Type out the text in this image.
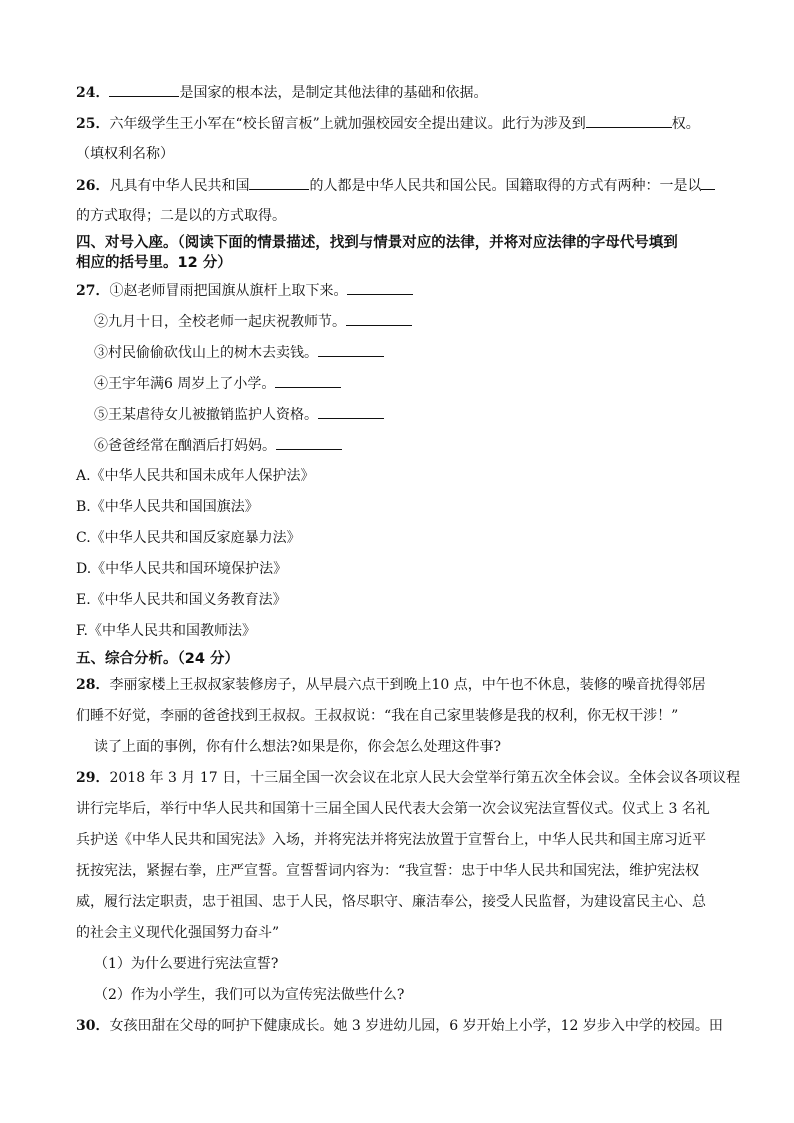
24．	是国家的根本法，是制定其他法律的基础和依据。
25．六年级学生王小军在“校长留言板”上就加强校园安全提出建议。此行为涉及到	权。
（填权利名称）
26．凡具有中华人民共和国	的人都是中华人民共和国公民。国籍取得的方式有两种：一是以
的方式取得；二是以的方式取得。
四、对号入座。（阅读下面的情景描述，找到与情景对应的法律，并将对应法律的字母代号填到
相应的括号里。12 分）
27．①赵老师冒雨把国旗从旗杆上取下来。
②九月十日，全校老师一起庆祝教师节。
③村民偷偷砍伐山上的树木去卖钱。
④王宇年满6 周岁上了小学。
⑤王某虐待女儿被撤销监护人资格。
⑥爸爸经常在酗酒后打妈妈。
A.《中华人民共和国未成年人保护法》
B.《中华人民共和国国旗法》
C.《中华人民共和国反家庭暴力法》
D.《中华人民共和国环境保护法》
E.《中华人民共和国义务教育法》
F.《中华人民共和国教师法》
五、综合分析。（24 分）
28．李丽家楼上王叔叔家装修房子，从早晨六点干到晚上10 点，中午也不休息，装修的噪音扰得邻居
们睡不好觉，李丽的爸爸找到王叔叔。王叔叔说：“我在自己家里装修是我的权利，你无权干涉！”
读了上面的事例，你有什么想法?如果是你，你会怎么处理这件事?
29．2018 年 3 月 17 日，十三届全国一次会议在北京人民大会堂举行第五次全体会议。全体会议各项议程
讲行完毕后，举行中华人民共和国第十三届全国人民代表大会第一次会议宪法宣誓仪式。仪式上 3 名礼
兵护送《中华人民共和国宪法》入场，并将宪法并将宪法放置于宣誓台上，中华人民共和国主席习近平
抚按宪法，紧握右拳，庄严宣誓。宣誓誓词内容为：“我宣誓：忠于中华人民共和国宪法，维护宪法权
威，履行法定职责，忠于祖国、忠于人民，恪尽职守、廉洁奉公，接受人民监督，为建设富民主心、总
的社会主义现代化强国努力奋斗”
（1）为什么要进行宪法宣誓?
（2）作为小学生，我们可以为宣传宪法做些什么?
30．女孩田甜在父母的呵护下健康成长。她 3 岁进幼儿园，6 岁开始上小学，12 岁步入中学的校园。田
